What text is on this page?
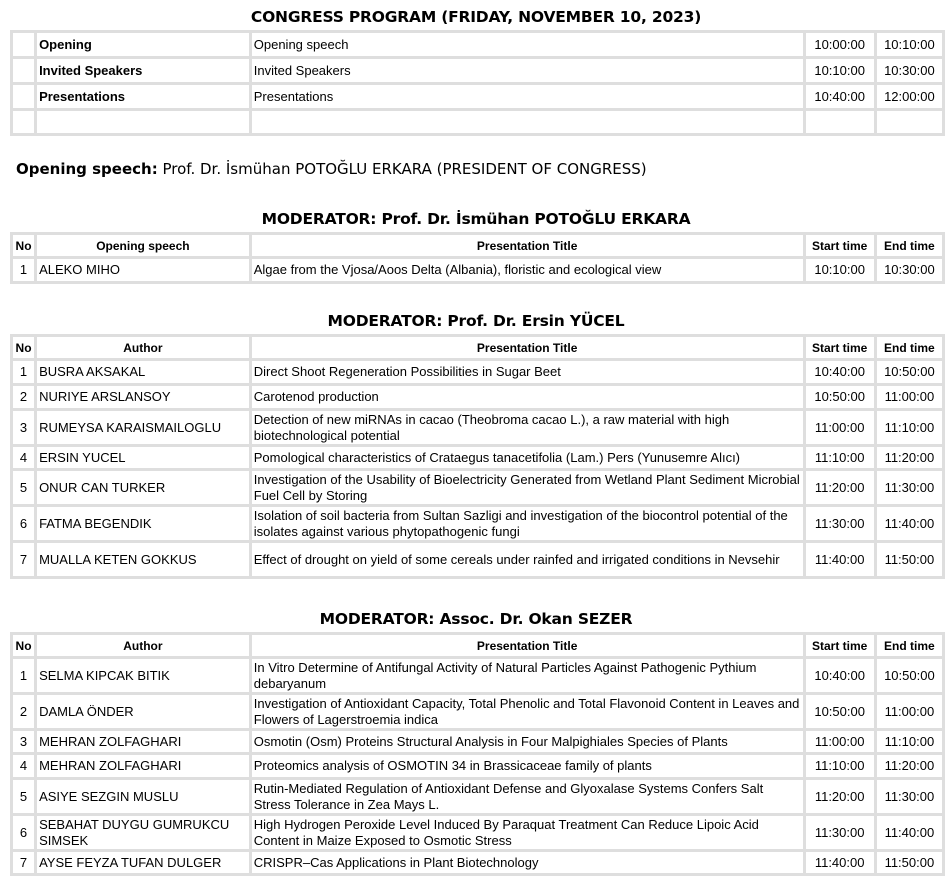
CONGRESS PROGRAM (FRIDAY, NOVEMBER 10, 2023)
	Opening	Opening speech	10:00:00	10:10:00
	Invited Speakers	Invited Speakers	10:10:00	10:30:00
	Presentations	Presentations	10:40:00	12:00:00

Opening speech: Prof. Dr. İsmühan POTOĞLU ERKARA (PRESIDENT OF CONGRESS)
MODERATOR: Prof. Dr. İsmühan POTOĞLU ERKARA
No	Opening speech	Presentation Title	Start time	End time
1	ALEKO MIHO	Algae from the Vjosa/Aoos Delta (Albania), floristic and ecological view	10:10:00	10:30:00
MODERATOR: Prof. Dr. Ersin YÜCEL
No	Author	Presentation Title	Start time	End time
1	BUSRA AKSAKAL	Direct Shoot Regeneration Possibilities in Sugar Beet	10:40:00	10:50:00
2	NURIYE ARSLANSOY	Carotenod production	10:50:00	11:00:00
3	RUMEYSA KARAISMAILOGLU	Detection of new miRNAs in cacao (Theobroma cacao L.), a raw material with high biotechnological potential	11:00:00	11:10:00
4	ERSIN YUCEL	Pomological characteristics of Crataegus tanacetifolia (Lam.) Pers (Yunusemre Alıcı)	11:10:00	11:20:00
5	ONUR CAN TURKER	Investigation of the Usability of Bioelectricity Generated from Wetland Plant Sediment Microbial Fuel Cell by Storing	11:20:00	11:30:00
6	FATMA BEGENDIK	Isolation of soil bacteria from Sultan Sazligi and investigation of the biocontrol potential of the isolates against various phytopathogenic fungi	11:30:00	11:40:00
7	MUALLA KETEN GOKKUS	Effect of drought on yield of some cereals under rainfed and irrigated conditions in Nevsehir	11:40:00	11:50:00
MODERATOR: Assoc. Dr. Okan SEZER
No	Author	Presentation Title	Start time	End time
1	SELMA KIPCAK BITIK	In Vitro Determine of Antifungal Activity of Natural Particles Against Pathogenic Pythium debaryanum	10:40:00	10:50:00
2	DAMLA ÖNDER	Investigation of Antioxidant Capacity, Total Phenolic and Total Flavonoid Content in Leaves and Flowers of Lagerstroemia indica	10:50:00	11:00:00
3	MEHRAN ZOLFAGHARI	Osmotin (Osm) Proteins Structural Analysis in Four Malpighiales Species of Plants	11:00:00	11:10:00
4	MEHRAN ZOLFAGHARI	Proteomics analysis of OSMOTIN 34 in Brassicaceae family of plants	11:10:00	11:20:00
5	ASIYE SEZGIN MUSLU	Rutin-Mediated Regulation of Antioxidant Defense and Glyoxalase Systems Confers Salt Stress Tolerance in Zea Mays L.	11:20:00	11:30:00
6	SEBAHAT DUYGU GUMRUKCU SIMSEK	High Hydrogen Peroxide Level Induced By Paraquat Treatment Can Reduce Lipoic Acid Content in Maize Exposed to Osmotic Stress	11:30:00	11:40:00
7	AYSE FEYZA TUFAN DULGER	CRISPR–Cas Applications in Plant Biotechnology	11:40:00	11:50:00
